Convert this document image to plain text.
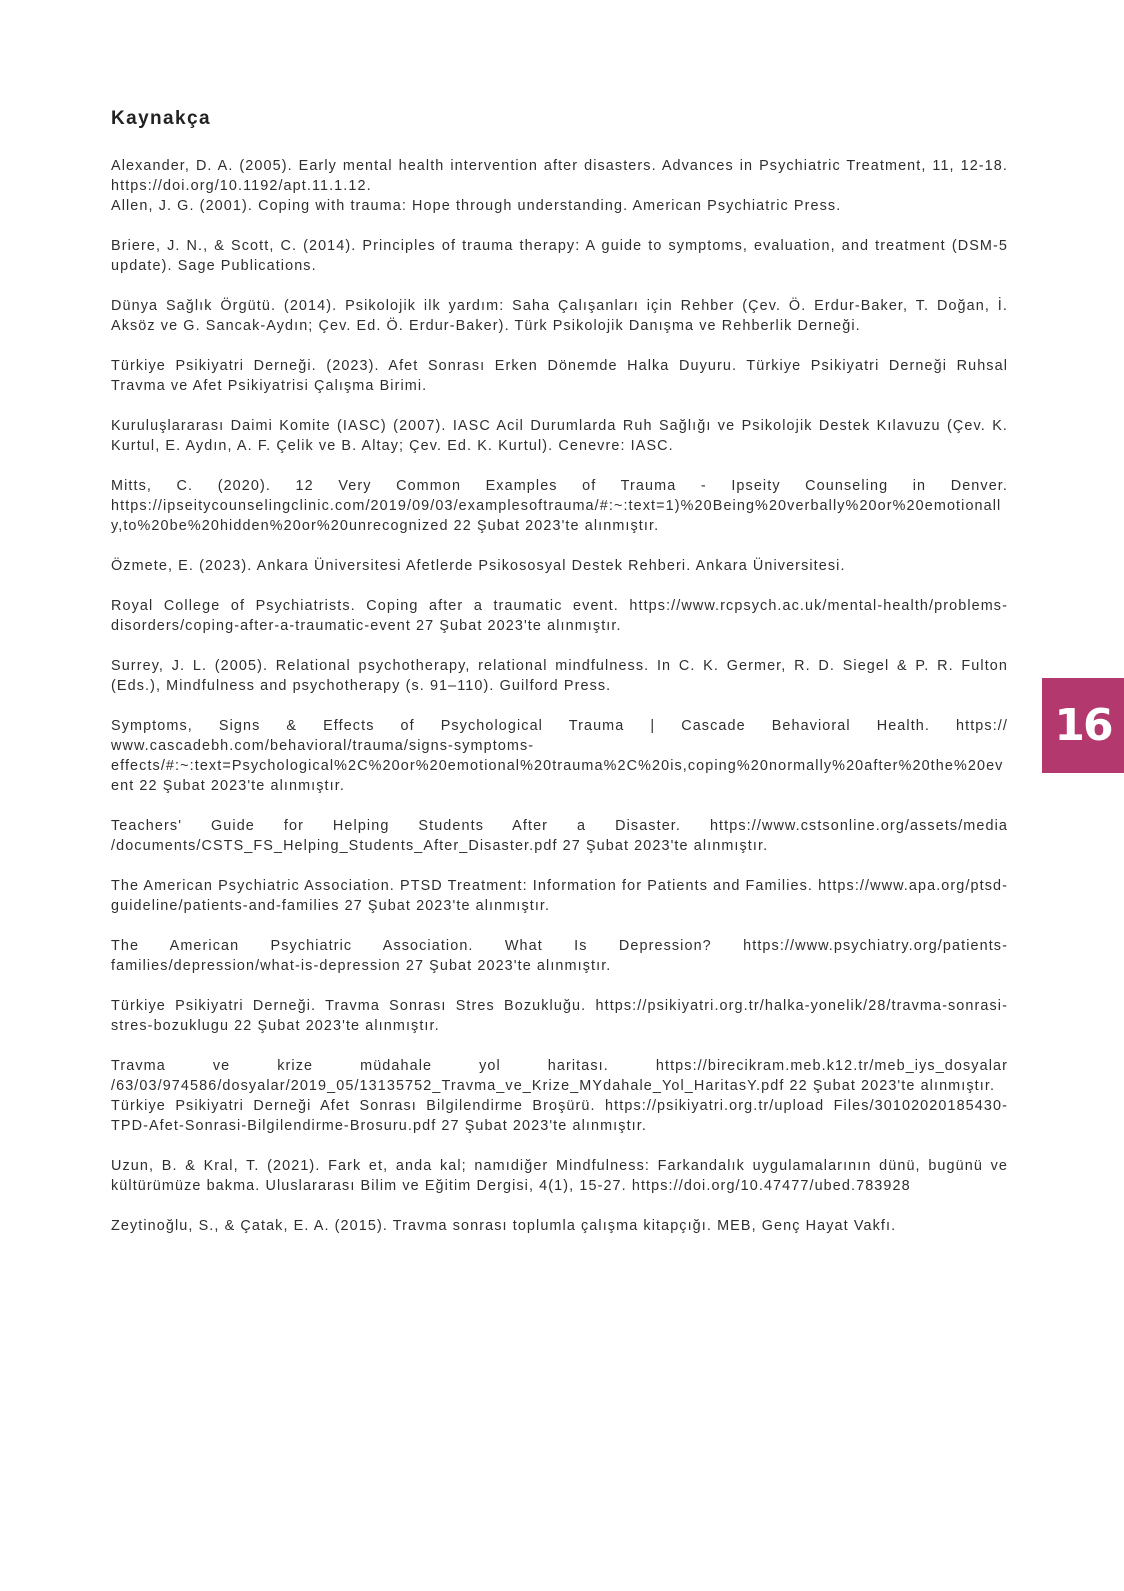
Kaynakça

Alexander, D. A. (2005). Early mental health intervention after disasters. Advances in Psychiatric Treatment, 11, 12-18. https://doi.org/10.1192/apt.11.1.12.

Allen, J. G. (2001). Coping with trauma: Hope through understanding. American Psychiatric Press.

Briere, J. N., & Scott, C. (2014). Principles of trauma therapy: A guide to symptoms, evaluation, and treatment (DSM-5 update). Sage Publications.

Dünya Sağlık Örgütü. (2014). Psikolojik ilk yardım: Saha Çalışanları için Rehber (Çev. Ö. Erdur-Baker, T. Doğan, İ. Aksöz ve G. Sancak-Aydın; Çev. Ed. Ö. Erdur-Baker). Türk Psikolojik Danışma ve Rehberlik Derneği.

Türkiye Psikiyatri Derneği. (2023). Afet Sonrası Erken Dönemde Halka Duyuru. Türkiye Psikiyatri Derneği Ruhsal Travma ve Afet Psikiyatrisi Çalışma Birimi.

Kuruluşlararası Daimi Komite (IASC) (2007). IASC Acil Durumlarda Ruh Sağlığı ve Psikolojik Destek Kılavuzu (Çev. K. Kurtul, E. Aydın, A. F. Çelik ve B. Altay; Çev. Ed. K. Kurtul). Cenevre: IASC.

Mitts, C. (2020). 12 Very Common Examples of Trauma - Ipseity Counseling in Denver. https://ipseitycounselingclinic.com/2019/09/03/examplesoftrauma/#:~:text=1)%20Being%20verbally%20or%20emotionally,to%20be%20hidden%20or%20unrecognized 22 Şubat 2023'te alınmıştır.

Özmete, E. (2023). Ankara Üniversitesi Afetlerde Psikososyal Destek Rehberi. Ankara Üniversitesi.

Royal College of Psychiatrists. Coping after a traumatic event. https://www.rcpsych.ac.uk/mental-health/problems-disorders/coping-after-a-traumatic-event 27 Şubat 2023'te alınmıştır.

Surrey, J. L. (2005). Relational psychotherapy, relational mindfulness. In C. K. Germer, R. D. Siegel & P. R. Fulton (Eds.), Mindfulness and psychotherapy (s. 91–110). Guilford Press.

Symptoms, Signs & Effects of Psychological Trauma | Cascade Behavioral Health. https:// www.cascadebh.com/behavioral/trauma/signs-symptoms-effects/#:~:text=Psychological%2C%20or%20emotional%20trauma%2C%20is,coping%20normally%20after%20the%20event 22 Şubat 2023'te alınmıştır.

Teachers' Guide for Helping Students After a Disaster. https://www.cstsonline.org/assets/media /documents/CSTS_FS_Helping_Students_After_Disaster.pdf 27 Şubat 2023'te alınmıştır.

The American Psychiatric Association. PTSD Treatment: Information for Patients and Families. https://www.apa.org/ptsd-guideline/patients-and-families 27 Şubat 2023'te alınmıştır.

The American Psychiatric Association. What Is Depression? https://www.psychiatry.org/patients-families/depression/what-is-depression 27 Şubat 2023'te alınmıştır.

Türkiye Psikiyatri Derneği. Travma Sonrası Stres Bozukluğu. https://psikiyatri.org.tr/halka-yonelik/28/travma-sonrasi-stres-bozuklugu 22 Şubat 2023'te alınmıştır.

Travma ve krize müdahale yol haritası. https://birecikram.meb.k12.tr/meb_iys_dosyalar /63/03/974586/dosyalar/2019_05/13135752_Travma_ve_Krize_MYdahale_Yol_HaritasY.pdf 22 Şubat 2023'te alınmıştır.

Türkiye Psikiyatri Derneği Afet Sonrası Bilgilendirme Broşürü. https://psikiyatri.org.tr/upload Files/30102020185430-TPD-Afet-Sonrasi-Bilgilendirme-Brosuru.pdf 27 Şubat 2023'te alınmıştır.

Uzun, B. & Kral, T. (2021). Fark et, anda kal; namıdiğer Mindfulness: Farkandalık uygulamalarının dünü, bugünü ve kültürümüze bakma. Uluslararası Bilim ve Eğitim Dergisi, 4(1), 15-27. https://doi.org/10.47477/ubed.783928

Zeytinoğlu, S., & Çatak, E. A. (2015). Travma sonrası toplumla çalışma kitapçığı. MEB, Genç Hayat Vakfı.

16
